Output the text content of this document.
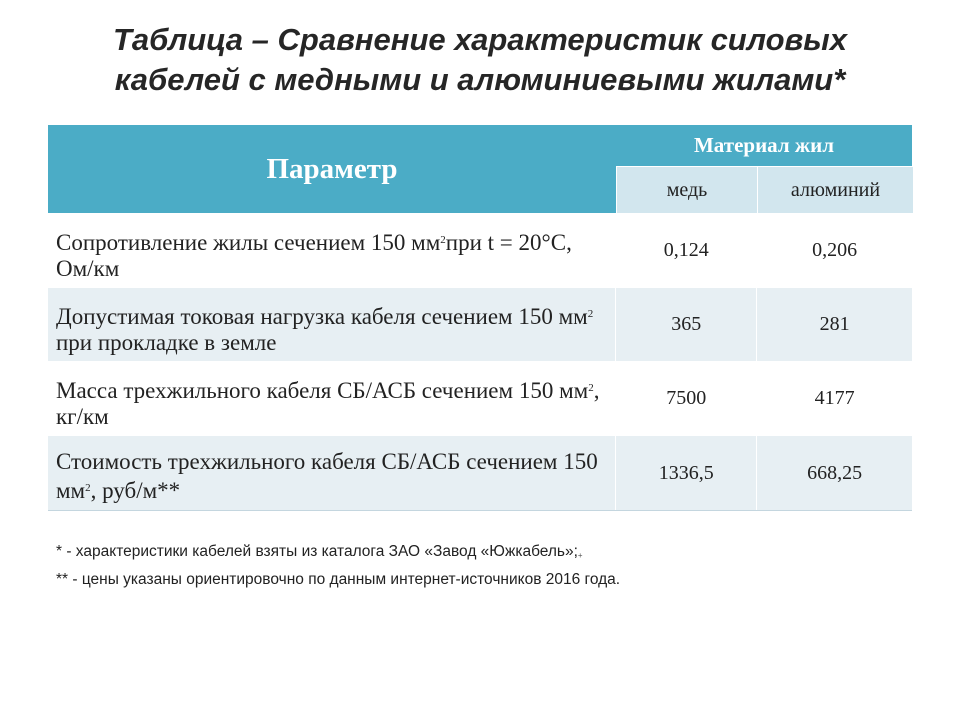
Таблица – Сравнение характеристик силовых
кабелей с медными и алюминиевыми жилами*
Параметр
Материал жил
медь	алюминий
Сопротивление жилы сечением 150 $мм^2при$ t = 20°С, Ом/км
0,124	0,206
Допустимая токовая нагрузка кабеля сечением 150 $мм^2$ при прокладке в земле
365	281
Масса трехжильного кабеля СБ/АСБ сечением 150 $мм^2$, кг/км
7500	4177
Стоимость трехжильного кабеля СБ/АСБ сечением 150 $мм^2$, руб/м**
1336,5	668,25
* - характеристики кабелей взяты из каталога ЗАО «Завод «Южкабель»;+
** - цены указаны ориентировочно по данным интернет-источников 2016 года.
